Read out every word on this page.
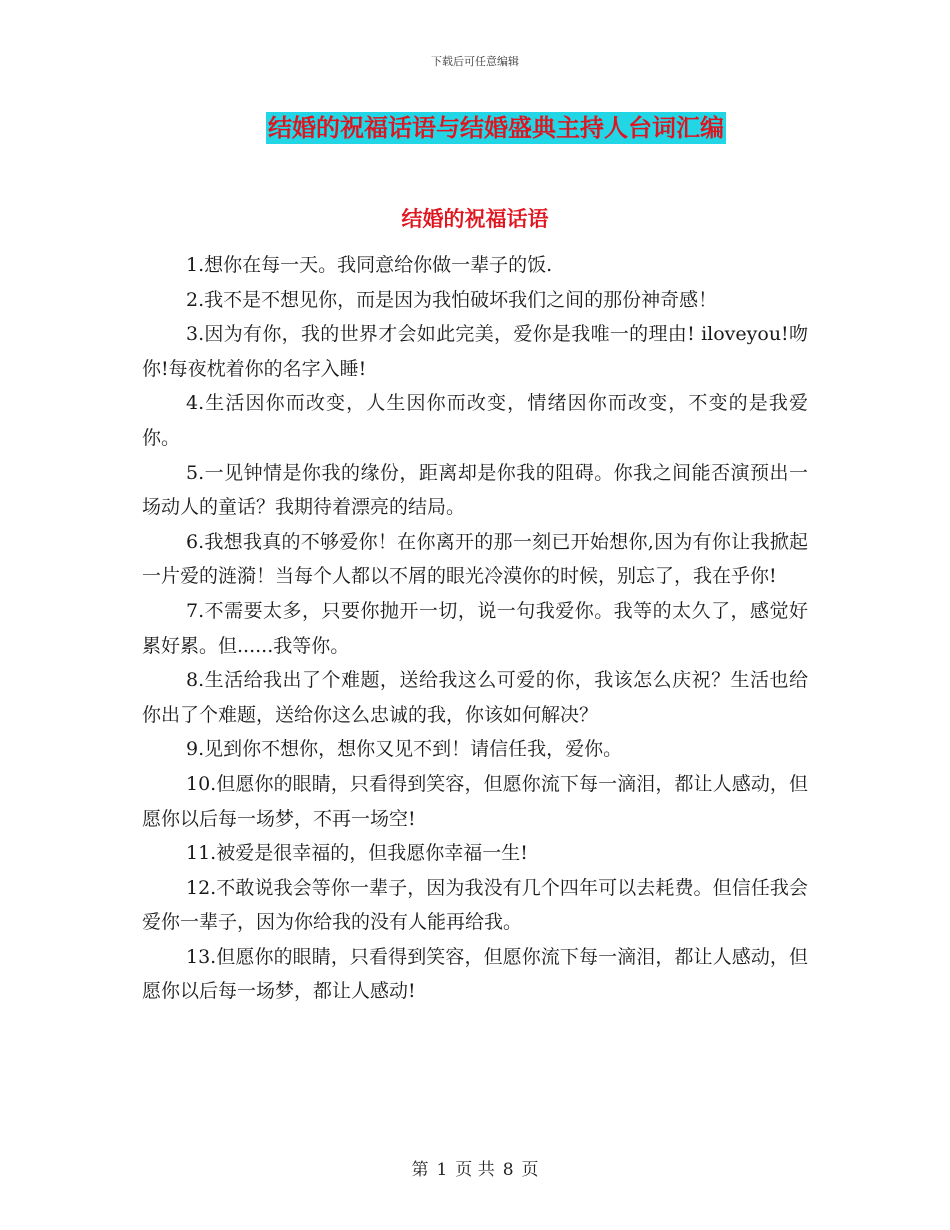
下载后可任意编辑
结婚的祝福话语与结婚盛典主持人台词汇编
结婚的祝福话语

1.想你在每一天。我同意给你做一辈子的饭.

2.我不是不想见你，而是因为我怕破坏我们之间的那份神奇感！

3.因为有你，我的世界才会如此完美，爱你是我唯一的理由! iloveyou!吻你!每夜枕着你的名字入睡!

4.生活因你而改变，人生因你而改变，情绪因你而改变，不变的是我爱你。

5.一见钟情是你我的缘份，距离却是你我的阻碍。你我之间能否演预出一场动人的童话？我期待着漂亮的结局。

6.我想我真的不够爱你！在你离开的那一刻已开始想你,因为有你让我掀起一片爱的涟漪！当每个人都以不屑的眼光冷漠你的时候，别忘了，我在乎你!

7.不需要太多，只要你抛开一切，说一句我爱你。我等的太久了，感觉好累好累。但......我等你。

8.生活给我出了个难题，送给我这么可爱的你，我该怎么庆祝？生活也给你出了个难题，送给你这么忠诚的我，你该如何解决？

9.见到你不想你，想你又见不到！请信任我，爱你。

10.但愿你的眼睛，只看得到笑容，但愿你流下每一滴泪，都让人感动，但愿你以后每一场梦，不再一场空!

11.被爱是很幸福的，但我愿你幸福一生!

12.不敢说我会等你一辈子，因为我没有几个四年可以去耗费。但信任我会爱你一辈子，因为你给我的没有人能再给我。

13.但愿你的眼睛，只看得到笑容，但愿你流下每一滴泪，都让人感动，但愿你以后每一场梦，都让人感动!

第 1 页 共 8 页
